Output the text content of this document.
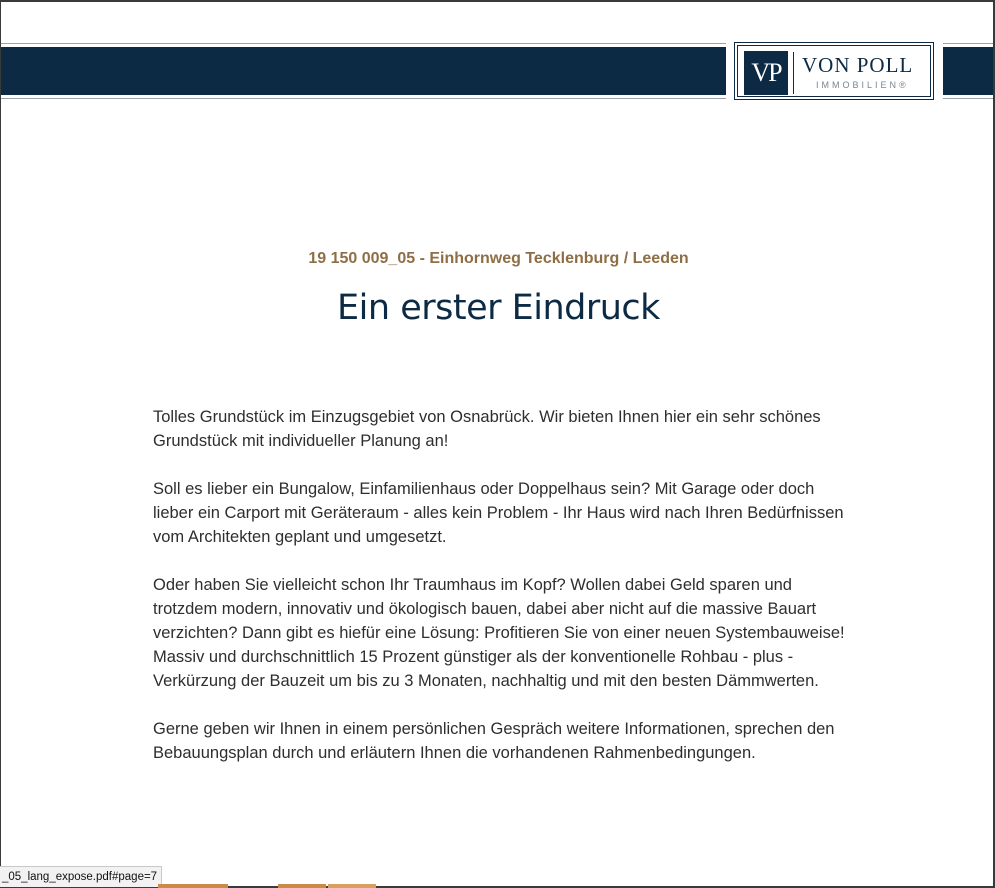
VP	VON POLL
IMMOBILIEN®
19 150 009_05 - Einhornweg Tecklenburg / Leeden
Ein erster Eindruck

Tolles Grundstück im Einzugsgebiet von Osnabrück. Wir bieten Ihnen hier ein sehr schönes Grundstück mit individueller Planung an!

Soll es lieber ein Bungalow, Einfamilienhaus oder Doppelhaus sein? Mit Garage oder doch lieber ein Carport mit Geräteraum - alles kein Problem - Ihr Haus wird nach Ihren Bedürfnissen vom Architekten geplant und umgesetzt.

Oder haben Sie vielleicht schon Ihr Traumhaus im Kopf? Wollen dabei Geld sparen und trotzdem modern, innovativ und ökologisch bauen, dabei aber nicht auf die massive Bauart verzichten? Dann gibt es hiefür eine Lösung: Profitieren Sie von einer neuen Systembauweise! Massiv und durchschnittlich 15 Prozent günstiger als der konventionelle Rohbau - plus - Verkürzung der Bauzeit um bis zu 3 Monaten, nachhaltig und mit den besten Dämmwerten.

Gerne geben wir Ihnen in einem persönlichen Gespräch weitere Informationen, sprechen den Bebauungsplan durch und erläutern Ihnen die vorhandenen Rahmenbedingungen.

_05_lang_expose.pdf#page=7
